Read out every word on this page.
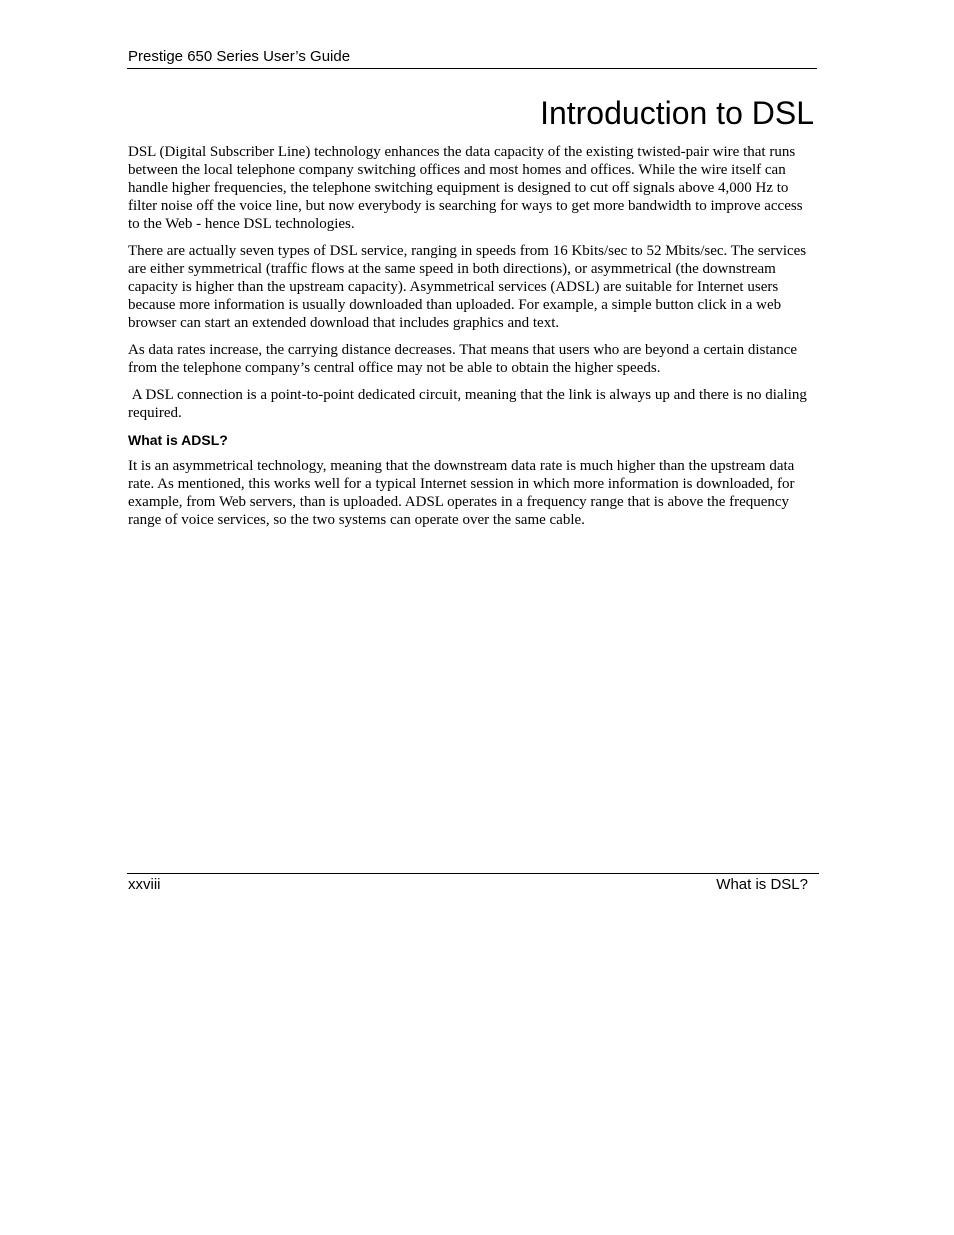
Prestige 650 Series User’s Guide
Introduction to DSL

DSL (Digital Subscriber Line) technology enhances the data capacity of the existing twisted-pair wire that runs between the local telephone company switching offices and most homes and offices. While the wire itself can handle higher frequencies, the telephone switching equipment is designed to cut off signals above 4,000 Hz to filter noise off the voice line, but now everybody is searching for ways to get more bandwidth to improve access to the Web - hence DSL technologies.

There are actually seven types of DSL service, ranging in speeds from 16 Kbits/sec to 52 Mbits/sec. The services are either symmetrical (traffic flows at the same speed in both directions), or asymmetrical (the downstream capacity is higher than the upstream capacity). Asymmetrical services (ADSL) are suitable for Internet users because more information is usually downloaded than uploaded. For example, a simple button click in a web browser can start an extended download that includes graphics and text.

As data rates increase, the carrying distance decreases. That means that users who are beyond a certain distance from the telephone company’s central office may not be able to obtain the higher speeds.

A DSL connection is a point-to-point dedicated circuit, meaning that the link is always up and there is no dialing required.

What is ADSL?

It is an asymmetrical technology, meaning that the downstream data rate is much higher than the upstream data rate. As mentioned, this works well for a typical Internet session in which more information is downloaded, for example, from Web servers, than is uploaded. ADSL operates in a frequency range that is above the frequency range of voice services, so the two systems can operate over the same cable.

xxviii	What is DSL?
